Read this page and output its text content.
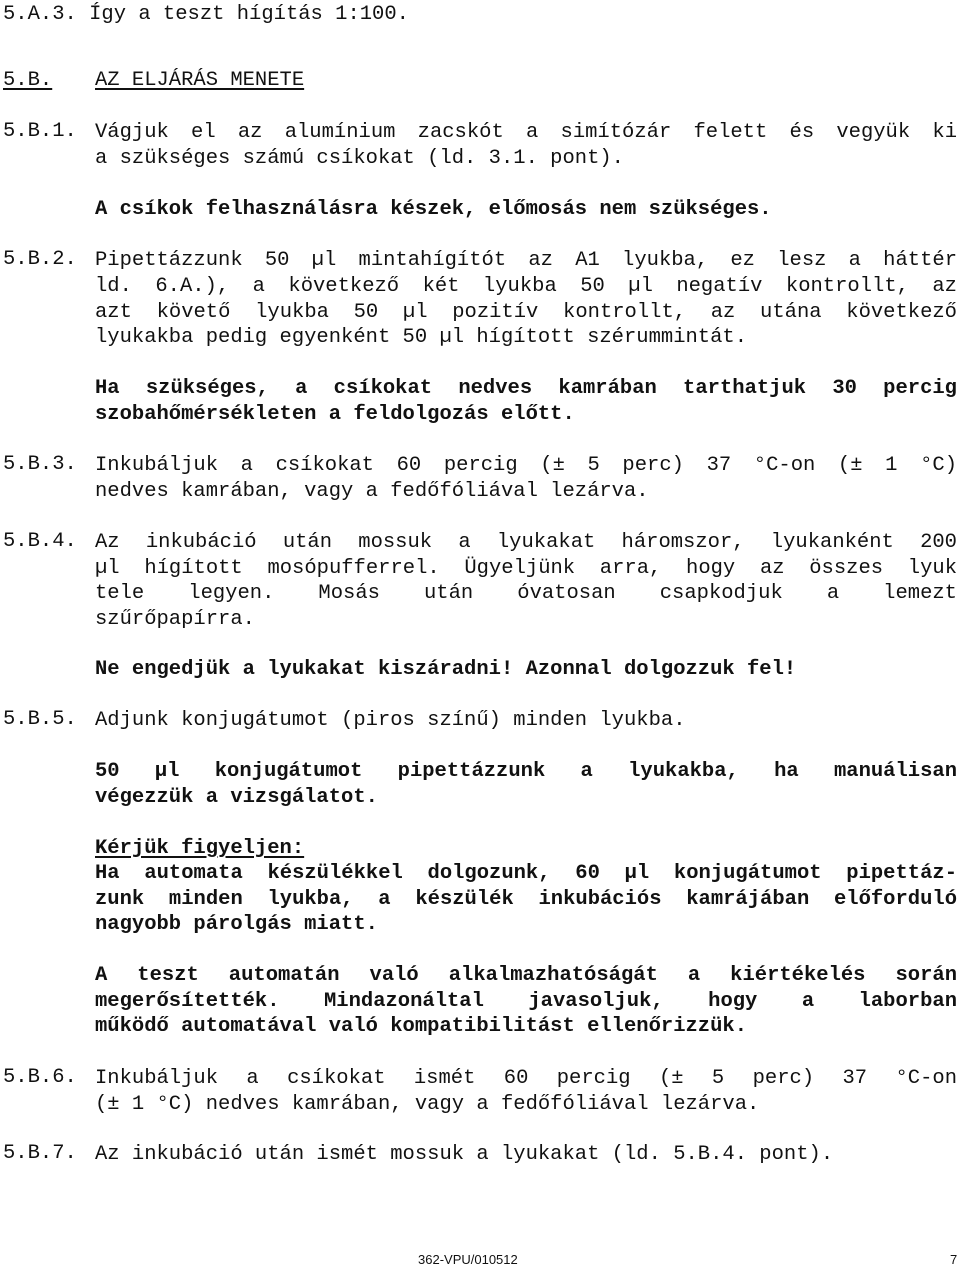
5.A.3. Így a teszt hígítás 1:100.
5.B. AZ ELJÁRÁS MENETE
5.B.1. Vágjuk el az alumínium zacskót a simítózár felett és vegyük ki
a szükséges számú csíkokat (ld. 3.1. pont).
A csíkok felhasználásra készek, előmosás nem szükséges.
5.B.2. Pipettázzunk 50 µl mintahígítót az A1 lyukba, ez lesz a háttér
ld. 6.A.), a következő két lyukba 50 µl negatív kontrollt, az
azt követő lyukba 50 µl pozitív kontrollt, az utána következő
lyukakba pedig egyenként 50 µl hígított szérummintát.
Ha szükséges, a csíkokat nedves kamrában tarthatjuk 30 percig
szobahőmérsékleten a feldolgozás előtt.
5.B.3. Inkubáljuk a csíkokat 60 percig (± 5 perc) 37 °C-on (± 1 °C)
nedves kamrában, vagy a fedőfóliával lezárva.
5.B.4. Az inkubáció után mossuk a lyukakat háromszor, lyukanként 200
µl hígított mosópufferrel. Ügyeljünk arra, hogy az összes lyuk
tele legyen. Mosás után óvatosan csapkodjuk a lemezt
szűrőpapírra.
Ne engedjük a lyukakat kiszáradni! Azonnal dolgozzuk fel!
5.B.5. Adjunk konjugátumot (piros színű) minden lyukba.
50 µl konjugátumot pipettázzunk a lyukakba, ha manuálisan
végezzük a vizsgálatot.
Kérjük figyeljen:
Ha automata készülékkel dolgozunk, 60 µl konjugátumot pipettáz-
zunk minden lyukba, a készülék inkubációs kamrájában előforduló
nagyobb párolgás miatt.
A teszt automatán való alkalmazhatóságát a kiértékelés során
megerősítették. Mindazonáltal javasoljuk, hogy a laborban
működő automatával való kompatibilitást ellenőrizzük.
5.B.6. Inkubáljuk a csíkokat ismét 60 percig (± 5 perc) 37 °C-on
(± 1 °C) nedves kamrában, vagy a fedőfóliával lezárva.
5.B.7. Az inkubáció után ismét mossuk a lyukakat (ld. 5.B.4. pont).
362-VPU/010512	7
